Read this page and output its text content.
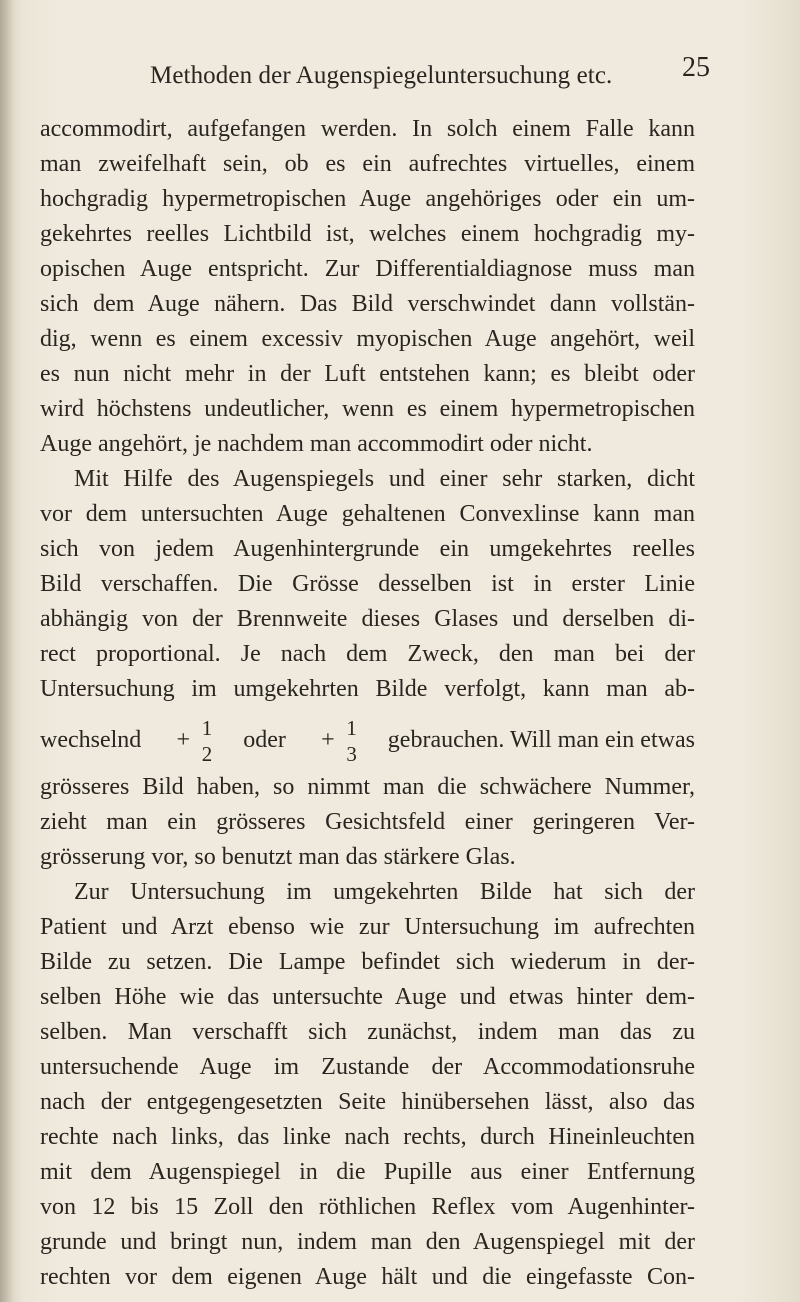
Methoden der Augenspiegeluntersuchung etc. 25
accommodirt, aufgefangen werden. In solch einem Falle kann
man zweifelhaft sein, ob es ein aufrechtes virtuelles, einem
hochgradig hypermetropischen Auge angehöriges oder ein um-
gekehrtes reelles Lichtbild ist, welches einem hochgradig my-
opischen Auge entspricht. Zur Differentialdiagnose muss man
sich dem Auge nähern. Das Bild verschwindet dann vollstän-
dig, wenn es einem excessiv myopischen Auge angehört, weil
es nun nicht mehr in der Luft entstehen kann; es bleibt oder
wird höchstens undeutlicher, wenn es einem hypermetropischen
Auge angehört, je nachdem man accommodirt oder nicht.
Mit Hilfe des Augenspiegels und einer sehr starken, dicht
vor dem untersuchten Auge gehaltenen Convexlinse kann man
sich von jedem Augenhintergrunde ein umgekehrtes reelles
Bild verschaffen. Die Grösse desselben ist in erster Linie
abhängig von der Brennweite dieses Glases und derselben di-
rect proportional. Je nach dem Zweck, den man bei der
Untersuchung im umgekehrten Bilde verfolgt, kann man ab-
wechselnd	+ 1
2
oder	+ 1
3
gebrauchen. Will man ein etwas
grösseres Bild haben, so nimmt man die schwächere Nummer,
zieht man ein grösseres Gesichtsfeld einer geringeren Ver-
grösserung vor, so benutzt man das stärkere Glas.
Zur Untersuchung im umgekehrten Bilde hat sich der
Patient und Arzt ebenso wie zur Untersuchung im aufrechten
Bilde zu setzen. Die Lampe befindet sich wiederum in der-
selben Höhe wie das untersuchte Auge und etwas hinter dem-
selben. Man verschafft sich zunächst, indem man das zu
untersuchende Auge im Zustande der Accommodationsruhe
nach der entgegengesetzten Seite hinübersehen lässt, also das
rechte nach links, das linke nach rechts, durch Hineinleuchten
mit dem Augenspiegel in die Pupille aus einer Entfernung
von 12 bis 15 Zoll den röthlichen Reflex vom Augenhinter-
grunde und bringt nun, indem man den Augenspiegel mit der
rechten vor dem eigenen Auge hält und die eingefasste Con-
